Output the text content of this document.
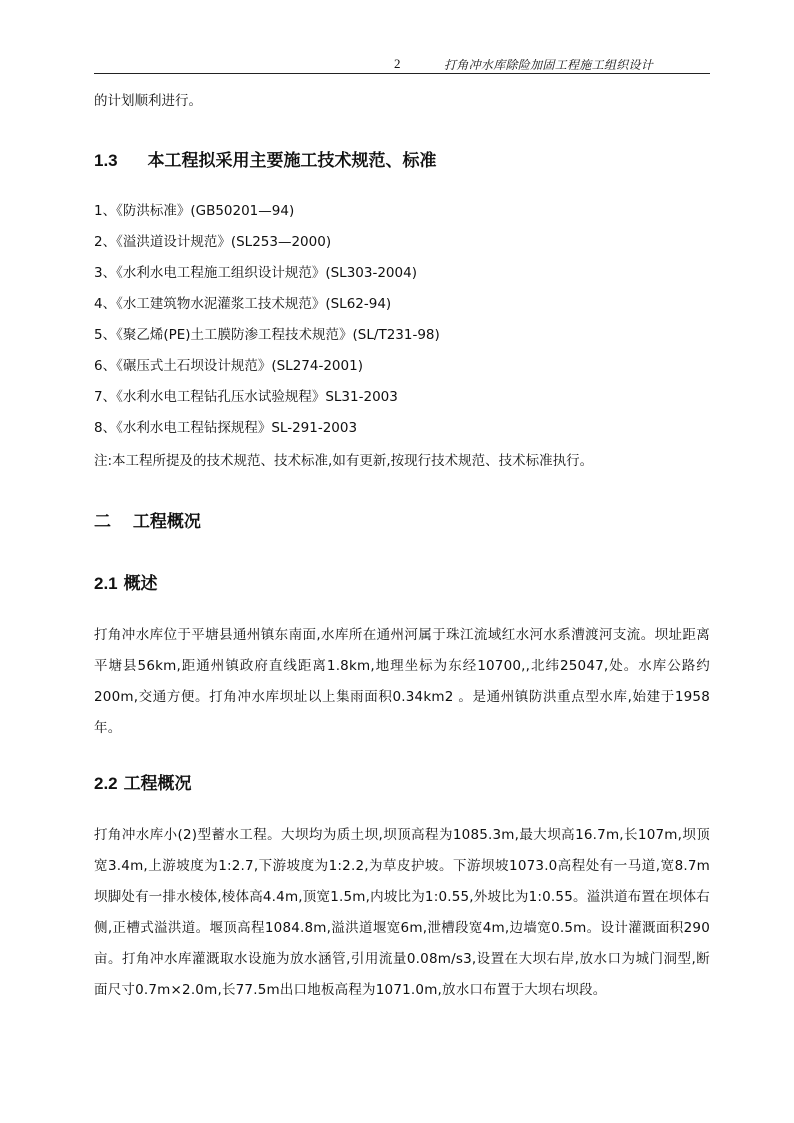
2	打角冲水库除险加固工程施工组织设计
的计划顺利进行。
1.3 本工程拟采用主要施工技术规范、标准
1、《防洪标准》(GB50201—94)
2、《溢洪道设计规范》(SL253—2000)
3、《水利水电工程施工组织设计规范》(SL303-2004)
4、《水工建筑物水泥灌浆工技术规范》(SL62-94)
5、《聚乙烯(PE)土工膜防渗工程技术规范》(SL/T231-98)
6、《碾压式土石坝设计规范》(SL274-2001)
7、《水利水电工程钻孔压水试验规程》SL31-2003
8、《水利水电工程钻探规程》SL-291-2003
注:本工程所提及的技术规范、技术标准,如有更新,按现行技术规范、技术标准执行。
二 工程概况
2.1 概述
打角冲水库位于平塘县通州镇东南面,水库所在通州河属于珠江流域红水河水系漕渡河支流。坝址距离平塘县56km,距通州镇政府直线距离1.8km,地理坐标为东经10700,,北纬25047,处。水库公路约200m,交通方便。打角冲水库坝址以上集雨面积0.34km2 。是通州镇防洪重点型水库,始建于1958年。
2.2 工程概况
打角冲水库小(2)型蓄水工程。大坝均为质土坝,坝顶高程为1085.3m,最大坝高16.7m,长107m,坝顶宽3.4m,上游坡度为1:2.7,下游坡度为1:2.2,为草皮护坡。下游坝坡1073.0高程处有一马道,宽8.7m坝脚处有一排水棱体,棱体高4.4m,顶宽1.5m,内坡比为1:0.55,外坡比为1:0.55。溢洪道布置在坝体右侧,正槽式溢洪道。堰顶高程1084.8m,溢洪道堰宽6m,泄槽段宽4m,边墙宽0.5m。设计灌溉面积290亩。打角冲水库灌溉取水设施为放水涵管,引用流量0.08m/s3,设置在大坝右岸,放水口为城门洞型,断面尺寸0.7m×2.0m,长77.5m出口地板高程为1071.0m,放水口布置于大坝右坝段。
